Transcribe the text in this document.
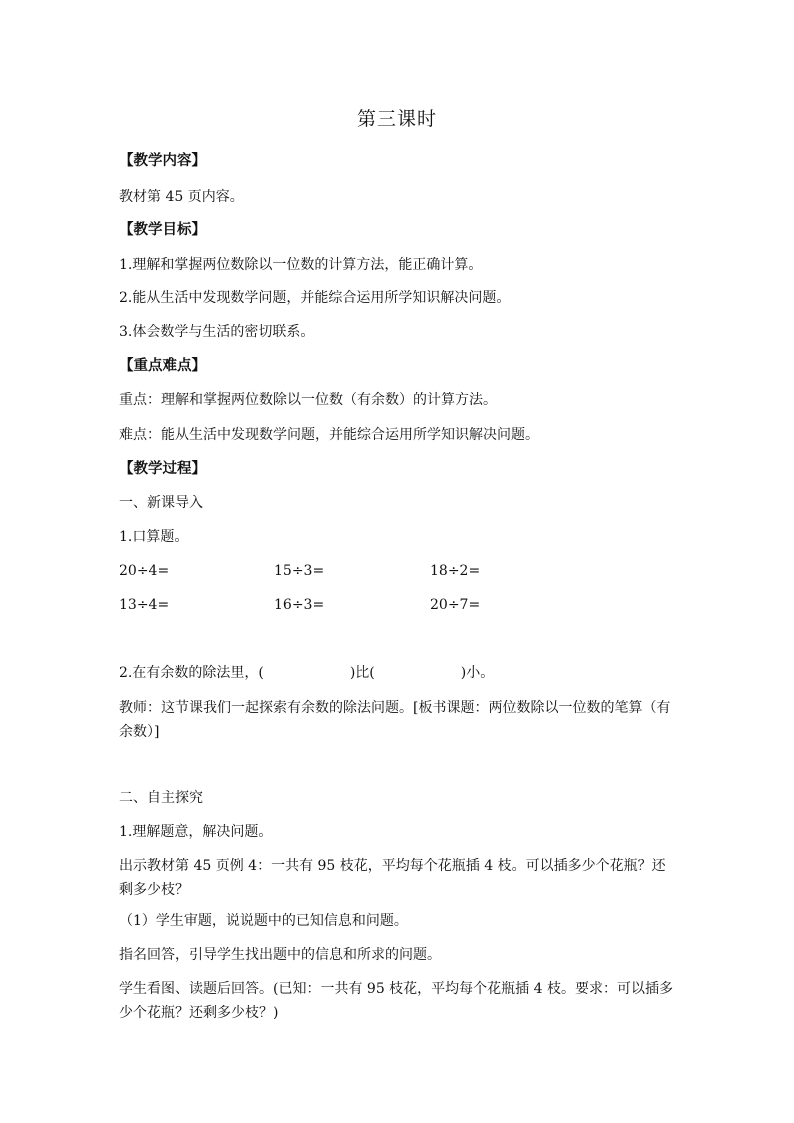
第三课时
【教学内容】
教材第 45 页内容。
【教学目标】
1.理解和掌握两位数除以一位数的计算方法，能正确计算。
2.能从生活中发现数学问题，并能综合运用所学知识解决问题。
3.体会数学与生活的密切联系。
【重点难点】
重点：理解和掌握两位数除以一位数（有余数）的计算方法。
难点：能从生活中发现数学问题，并能综合运用所学知识解决问题。
【教学过程】
一、新课导入
1.口算题。
20÷4=	15÷3=	18÷2=
13÷4=	16÷3=	20÷7=
2.在有余数的除法里，(	)比(	)小。
教师：这节课我们一起探索有余数的除法问题。[板书课题：两位数除以一位数的笔算（有余数）]
二、自主探究
1.理解题意，解决问题。
出示教材第 45 页例 4：一共有 95 枝花，平均每个花瓶插 4 枝。可以插多少个花瓶？还剩多少枝？
（1）学生审题，说说题中的已知信息和问题。
指名回答，引导学生找出题中的信息和所求的问题。
学生看图、读题后回答。(已知：一共有 95 枝花，平均每个花瓶插 4 枝。要求：可以插多少个花瓶？还剩多少枝？)
